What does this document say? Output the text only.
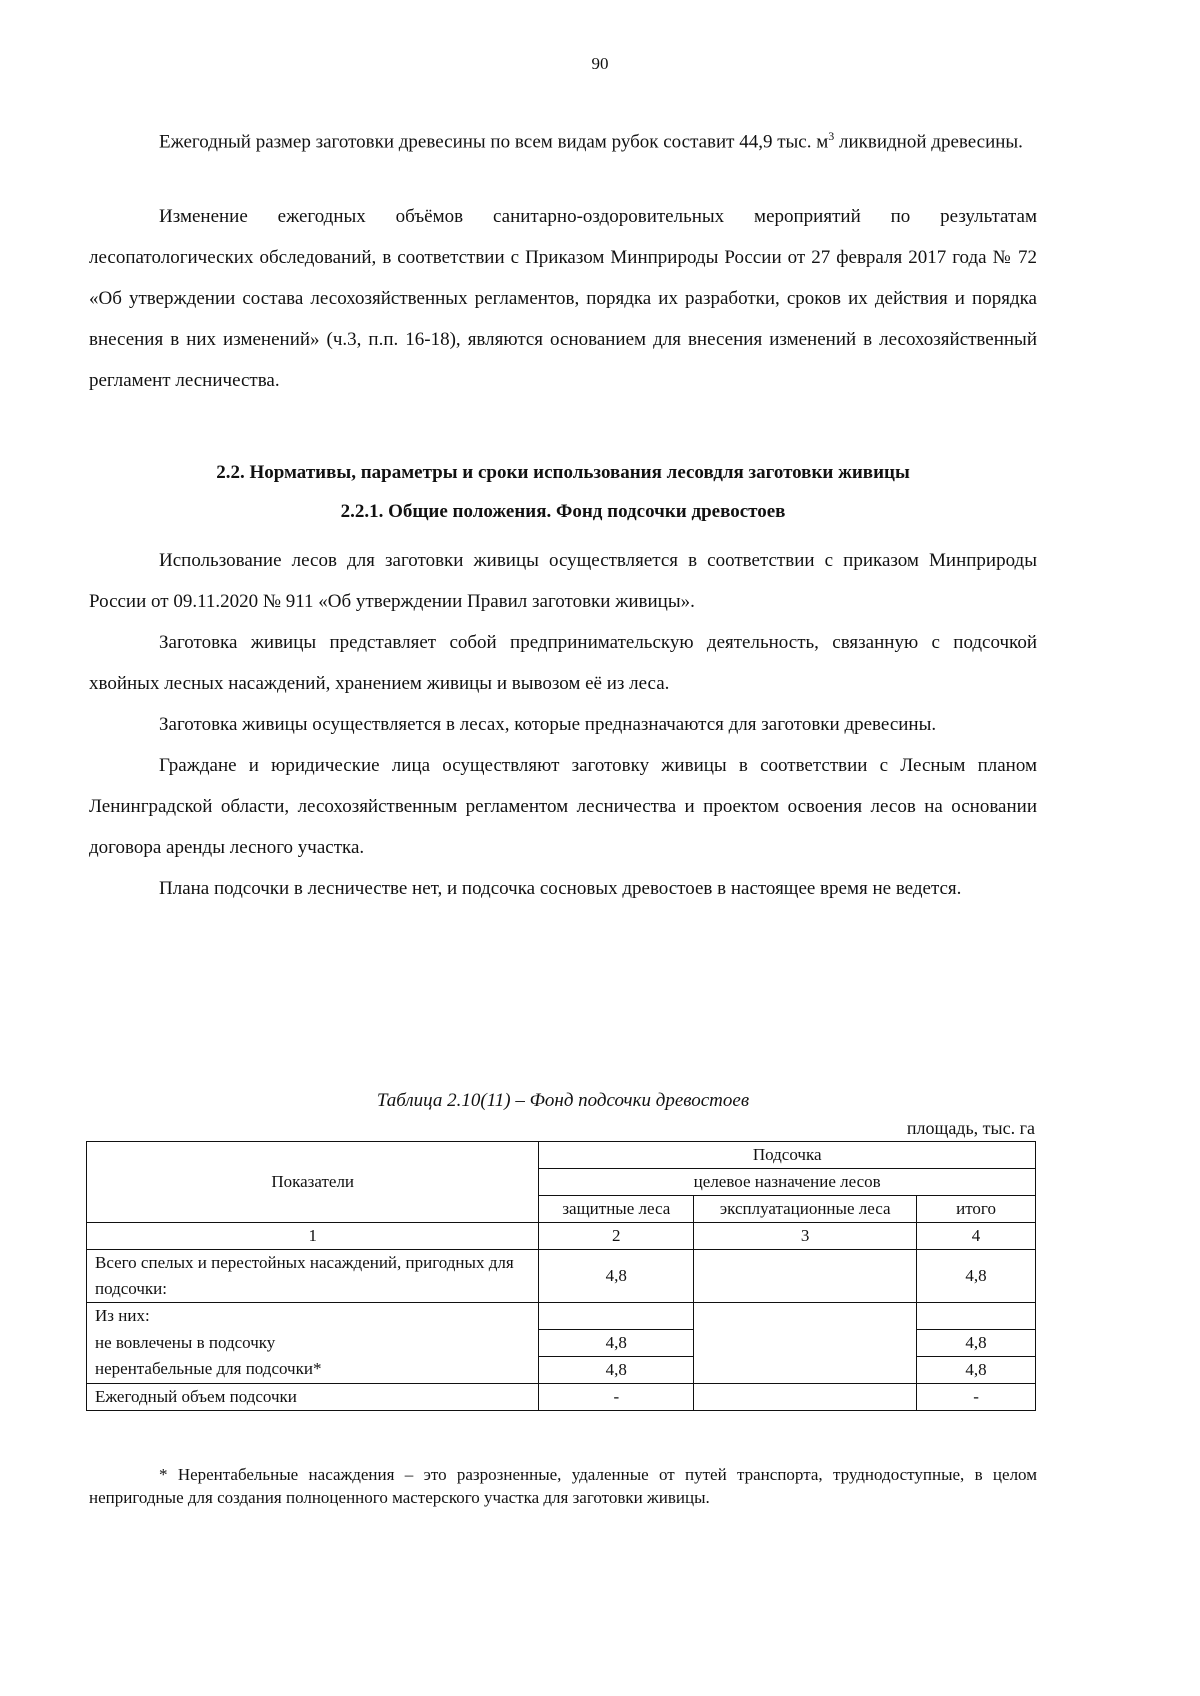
90

Ежегодный размер заготовки древесины по всем видам рубок составит 44,9 тыс. $м^3$ ликвидной древесины.

Изменение ежегодных объёмов санитарно-оздоровительных мероприятий по результатам лесопатологических обследований, в соответствии с Приказом Минприроды России от 27 февраля 2017 года № 72 «Об утверждении состава лесохозяйственных регламентов, порядка их разработки, сроков их действия и порядка внесения в них изменений» (ч.3, п.п. 16-18), являются основанием для внесения изменений в лесохозяйственный регламент лесничества.

2.2. Нормативы, параметры и сроки использования лесовдля заготовки живицы
2.2.1. Общие положения. Фонд подсочки древостоев

Использование лесов для заготовки живицы осуществляется в соответствии с приказом Минприроды России от 09.11.2020 № 911 «Об утверждении Правил заготовки живицы».

Заготовка живицы представляет собой предпринимательскую деятельность, связанную с подсочкой хвойных лесных насаждений, хранением живицы и вывозом её из леса.

Заготовка живицы осуществляется в лесах, которые предназначаются для заготовки древесины.

Граждане и юридические лица осуществляют заготовку живицы в соответствии с Лесным планом Ленинградской области, лесохозяйственным регламентом лесничества и проектом освоения лесов на основании договора аренды лесного участка.

Плана подсочки в лесничестве нет, и подсочка сосновых древостоев в настоящее время не ведется.

Таблица 2.10(11) – Фонд подсочки древостоев
площадь, тыс. га
Показатели	Подсочка		
	целевое назначение лесов		
	защитные леса	эксплуатационные леса	итого
1	2	3	4
Всего спелых и перестойных насаждений, пригодных для подсочки:	4,8		4,8
Из них:			
не вовлечены в подсочку	4,8		4,8
нерентабельные для подсочки*	4,8		4,8
Ежегодный объем подсочки	-		-
* Нерентабельные насаждения – это разрозненные, удаленные от путей транспорта, труднодоступные, в целом непригодные для создания полноценного мастерского участка для заготовки живицы.
